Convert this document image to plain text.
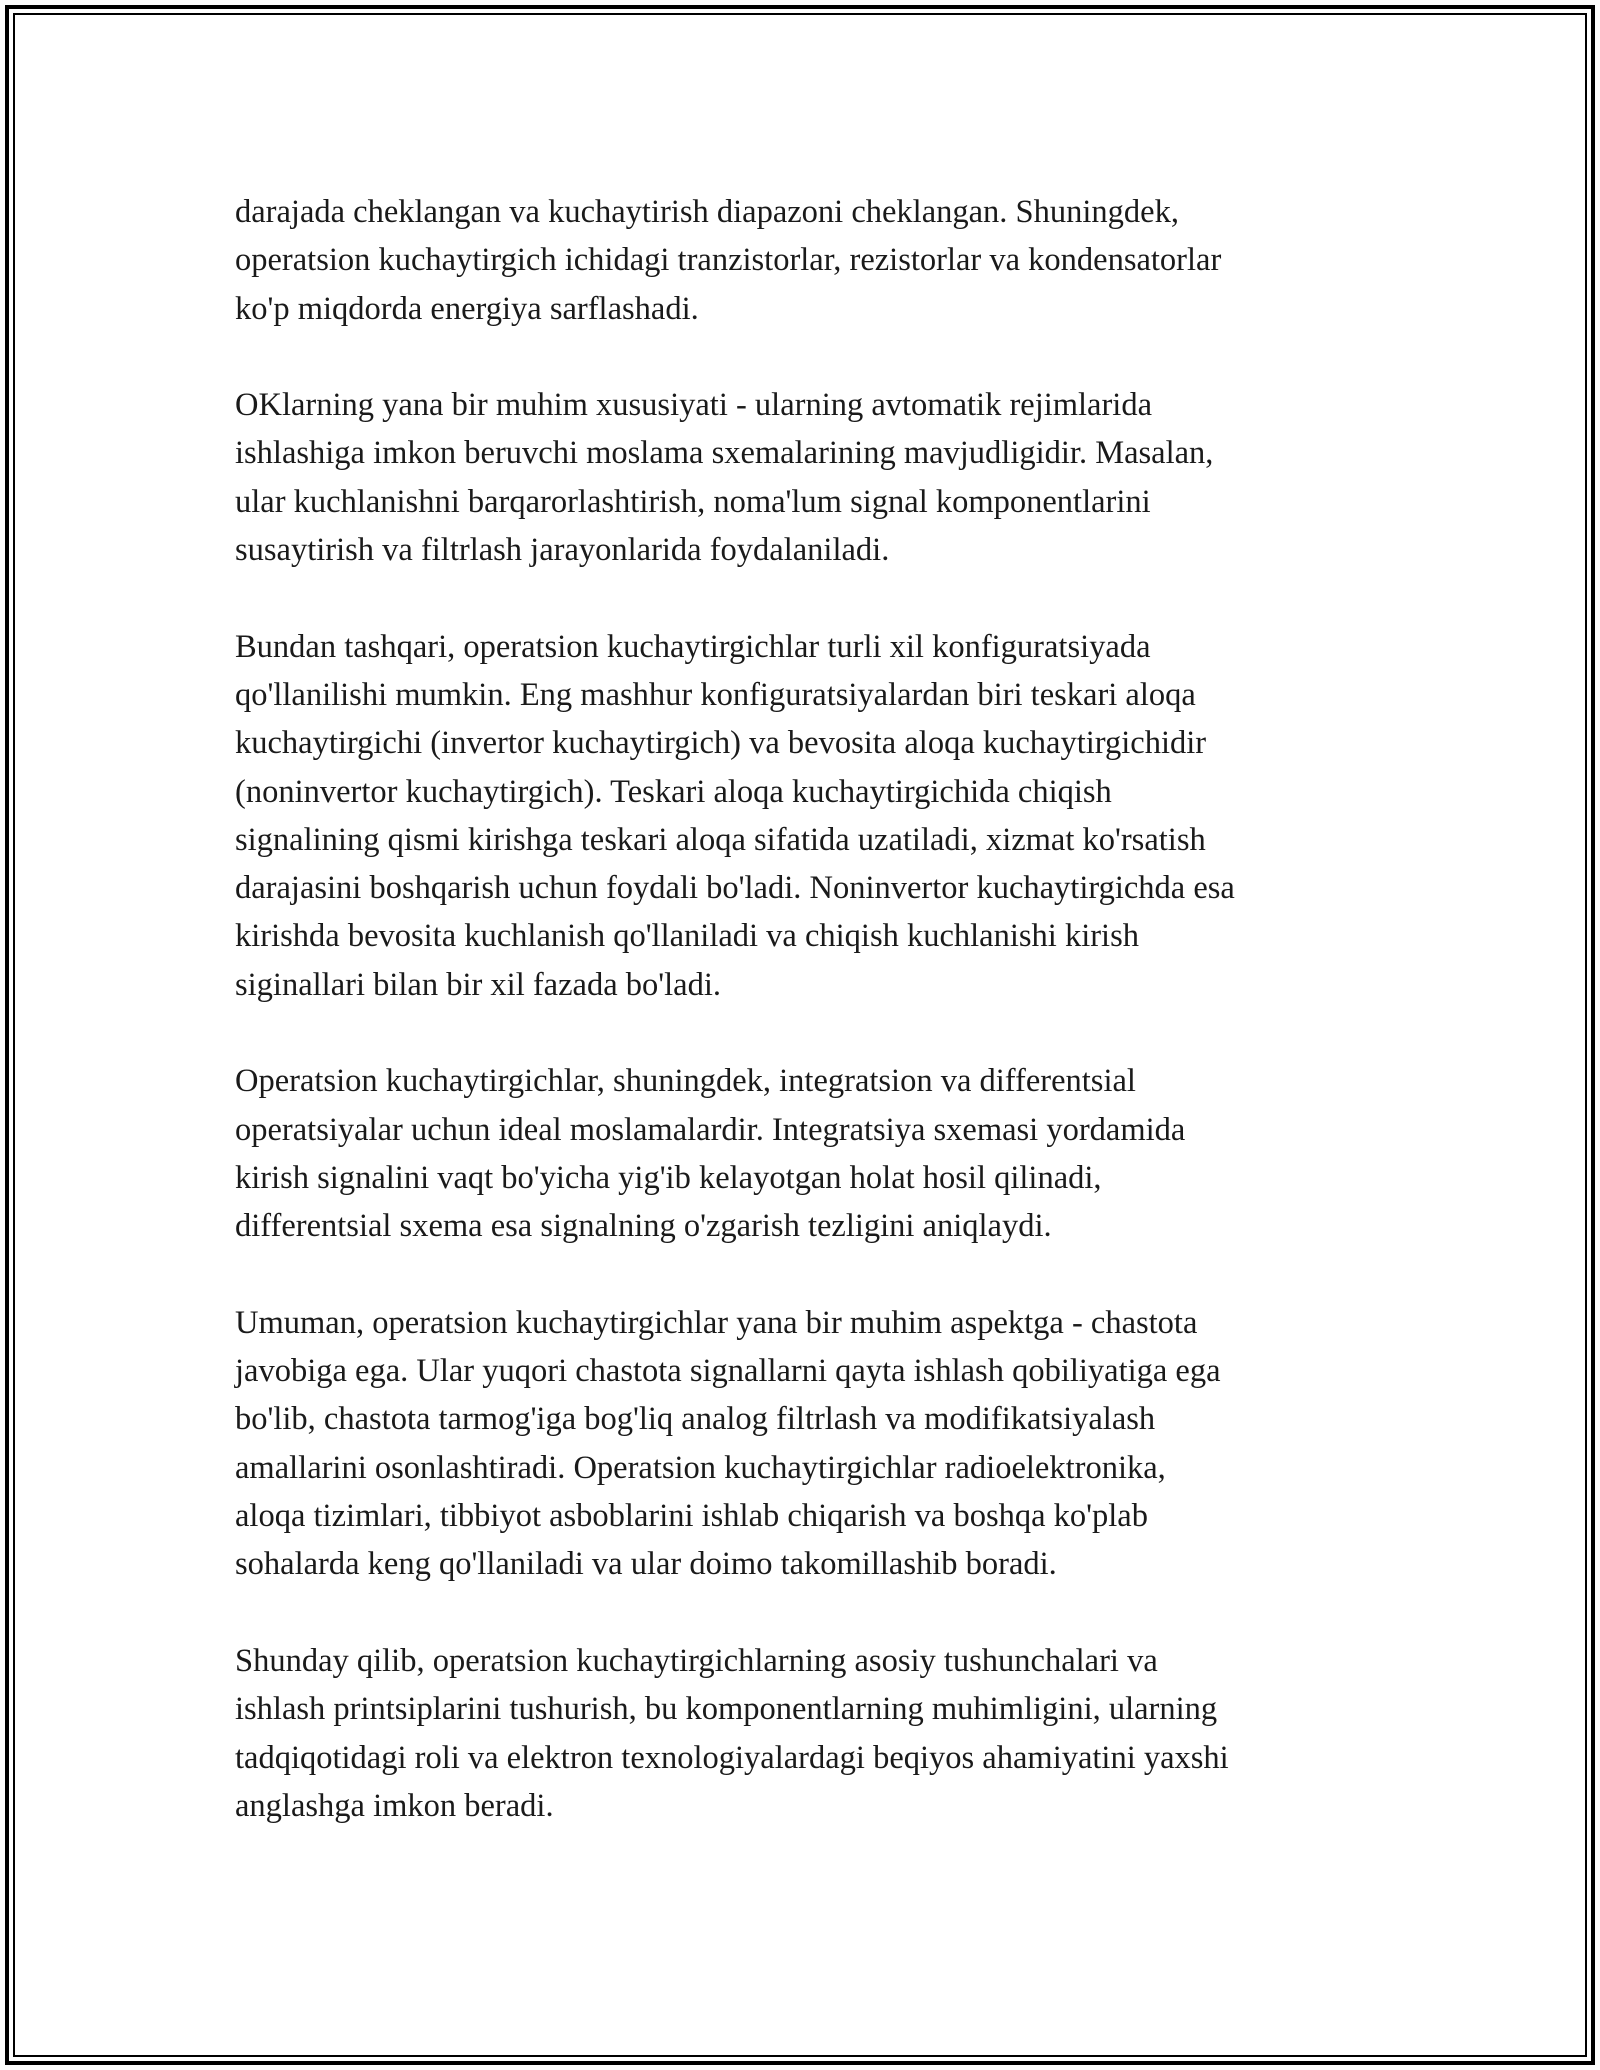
darajada cheklangan va kuchaytirish diapazoni cheklangan. Shuningdek,
operatsion kuchaytirgich ichidagi tranzistorlar, rezistorlar va kondensatorlar
ko'p miqdorda energiya sarflashadi.

OKlarning yana bir muhim xususiyati - ularning avtomatik rejimlarida
ishlashiga imkon beruvchi moslama sxemalarining mavjudligidir. Masalan,
ular kuchlanishni barqarorlashtirish, noma'lum signal komponentlarini
susaytirish va filtrlash jarayonlarida foydalaniladi.

Bundan tashqari, operatsion kuchaytirgichlar turli xil konfiguratsiyada
qo'llanilishi mumkin. Eng mashhur konfiguratsiyalardan biri teskari aloqa
kuchaytirgichi (invertor kuchaytirgich) va bevosita aloqa kuchaytirgichidir
(noninvertor kuchaytirgich). Teskari aloqa kuchaytirgichida chiqish
signalining qismi kirishga teskari aloqa sifatida uzatiladi, xizmat ko'rsatish
darajasini boshqarish uchun foydali bo'ladi. Noninvertor kuchaytirgichda esa
kirishda bevosita kuchlanish qo'llaniladi va chiqish kuchlanishi kirish
siginallari bilan bir xil fazada bo'ladi.

Operatsion kuchaytirgichlar, shuningdek, integratsion va differentsial
operatsiyalar uchun ideal moslamalardir. Integratsiya sxemasi yordamida
kirish signalini vaqt bo'yicha yig'ib kelayotgan holat hosil qilinadi,
differentsial sxema esa signalning o'zgarish tezligini aniqlaydi.

Umuman, operatsion kuchaytirgichlar yana bir muhim aspektga - chastota
javobiga ega. Ular yuqori chastota signallarni qayta ishlash qobiliyatiga ega
bo'lib, chastota tarmog'iga bog'liq analog filtrlash va modifikatsiyalash
amallarini osonlashtiradi. Operatsion kuchaytirgichlar radioelektronika,
aloqa tizimlari, tibbiyot asboblarini ishlab chiqarish va boshqa ko'plab
sohalarda keng qo'llaniladi va ular doimo takomillashib boradi.

Shunday qilib, operatsion kuchaytirgichlarning asosiy tushunchalari va
ishlash printsiplarini tushurish, bu komponentlarning muhimligini, ularning
tadqiqotidagi roli va elektron texnologiyalardagi beqiyos ahamiyatini yaxshi
anglashga imkon beradi.
